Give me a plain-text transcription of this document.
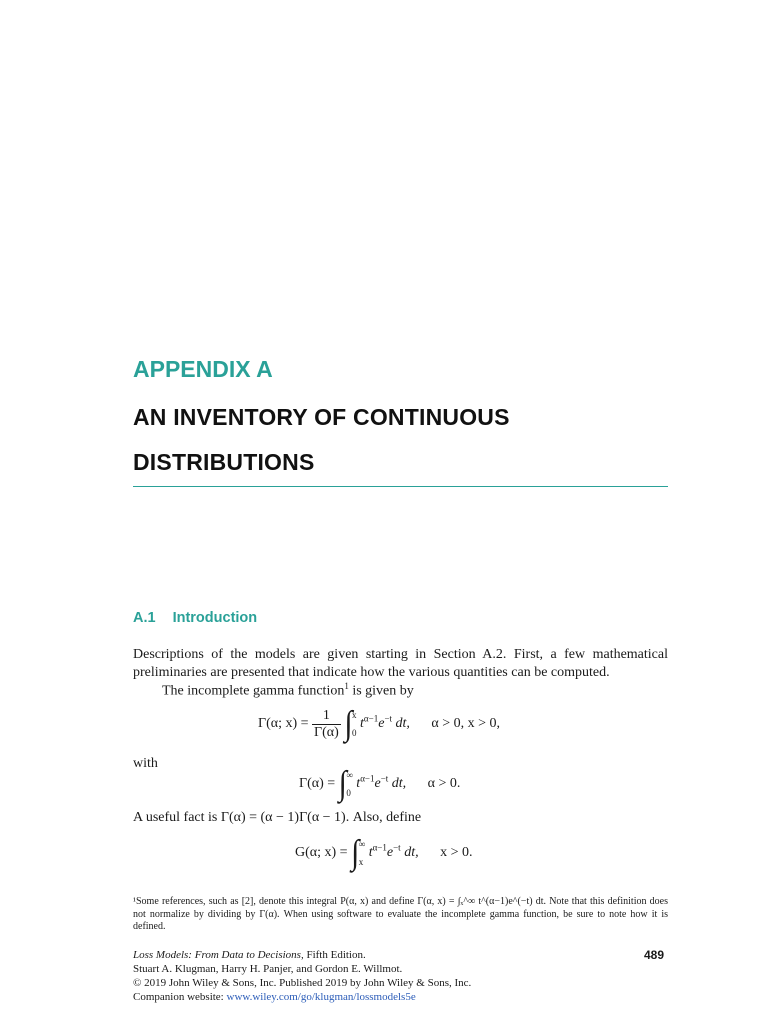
APPENDIX A
AN INVENTORY OF CONTINUOUS
DISTRIBUTIONS
A.1 Introduction
Descriptions of the models are given starting in Section A.2. First, a few mathematical preliminaries are presented that indicate how the various quantities can be computed.
The incomplete gamma function$^1$ is given by
Γ(α; $x) = \frac{1}{\Gamma(\alpha)}$ ∫ x
0
$t^{\alpha-1}e^{-t}$ dt, α > 0, x > 0,
with
Γ(α) = ∫ ∞
0
$t^{\alpha-1}e^{-t}$ dt, α > 0.
A useful fact is Γ(α) = (α − 1)Γ(α − 1). Also, define
G(α; x) = ∫ ∞
x
$t^{\alpha-1}e^{-t}$ dt, x > 0.
¹Some references, such as [2], denote this integral P(α, x) and define Γ(α, x) = ∫ₓ^∞ t^(α−1)e^(−t) dt. Note that this definition does not normalize by dividing by Γ(α). When using software to evaluate the incomplete gamma function, be sure to note how it is defined.
489
Loss Models: From Data to Decisions, Fifth Edition.
Stuart A. Klugman, Harry H. Panjer, and Gordon E. Willmot.
© 2019 John Wiley & Sons, Inc. Published 2019 by John Wiley & Sons, Inc.
Companion website: www.wiley.com/go/klugman/lossmodels5e
